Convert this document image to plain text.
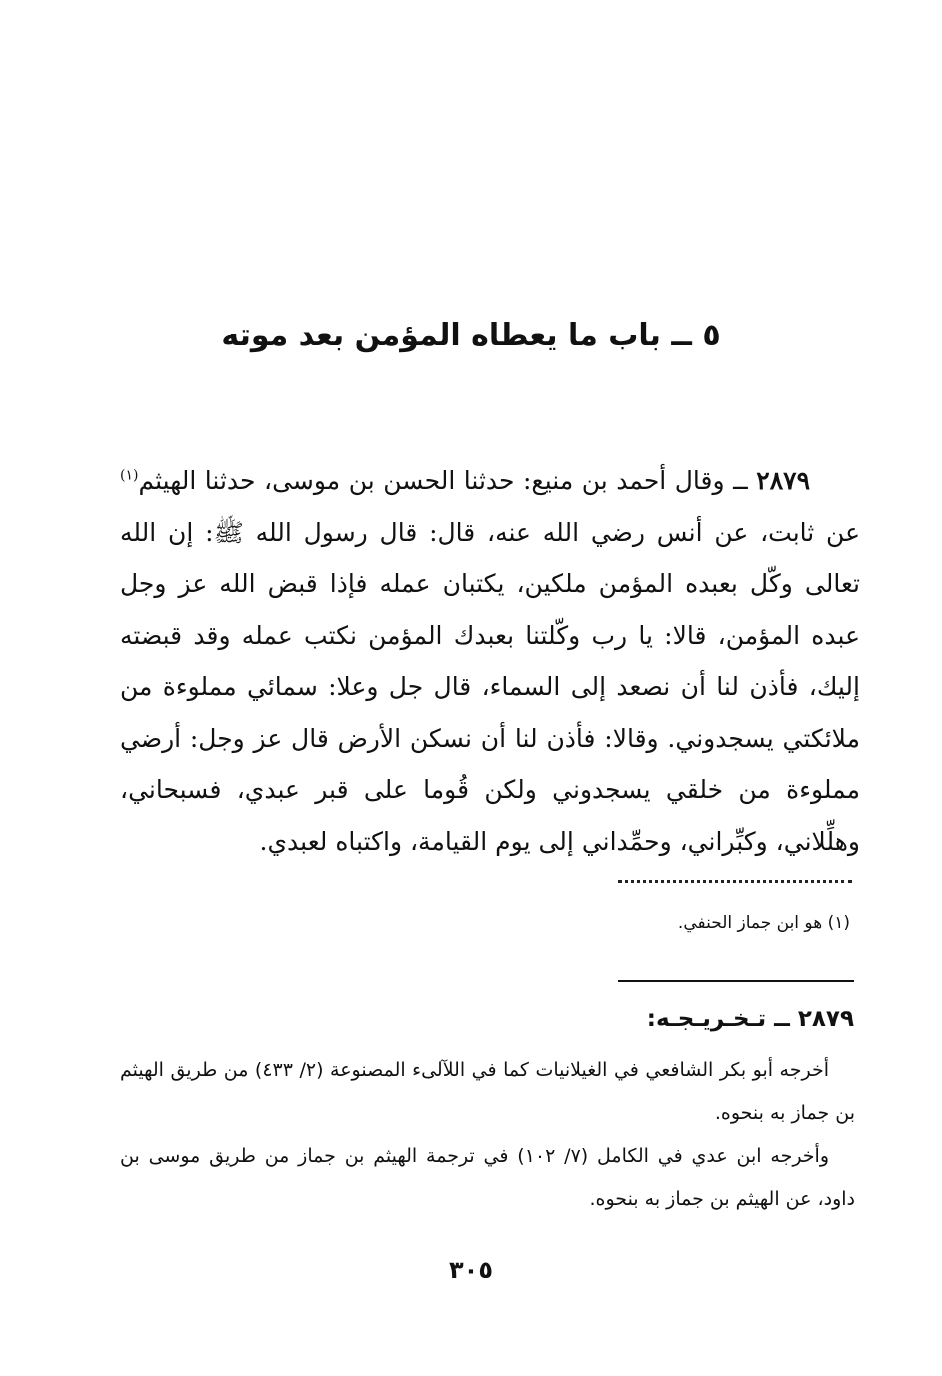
٥ ــ باب ما يعطاه المؤمن بعد موته

٢٨٧٩ ــ وقال أحمد بن منيع: حدثنا الحسن بن موسى، حدثنا الهيثم$^{(١)}$ عن ثابت، عن أنس رضي الله عنه، قال: قال رسول الله ﷺ: إن الله تعالى وكّل بعبده المؤمن ملكين، يكتبان عمله فإذا قبض الله عز وجل عبده المؤمن، قالا: يا رب وكّلتنا بعبدك المؤمن نكتب عمله وقد قبضته إليك، فأذن لنا أن نصعد إلى السماء، قال جل وعلا: سمائي مملوءة من ملائكتي يسجدوني. وقالا: فأذن لنا أن نسكن الأرض قال عز وجل: أرضي مملوءة من خلقي يسجدوني ولكن قُوما على قبر عبدي، فسبحاني، وهلِّلاني، وكبِّراني، وحمِّداني إلى يوم القيامة، واكتباه لعبدي.

(١) هو ابن جماز الحنفي.
٢٨٧٩ ــ تـخـريـجـه:

أخرجه أبو بكر الشافعي في الغيلانيات كما في اللآلىء المصنوعة (٢/ ٤٣٣) من طريق الهيثم بن جماز به بنحوه.

وأخرجه ابن عدي في الكامل (٧/ ١٠٢) في ترجمة الهيثم بن جماز من طريق موسى بن داود، عن الهيثم بن جماز به بنحوه.

٣٠٥
